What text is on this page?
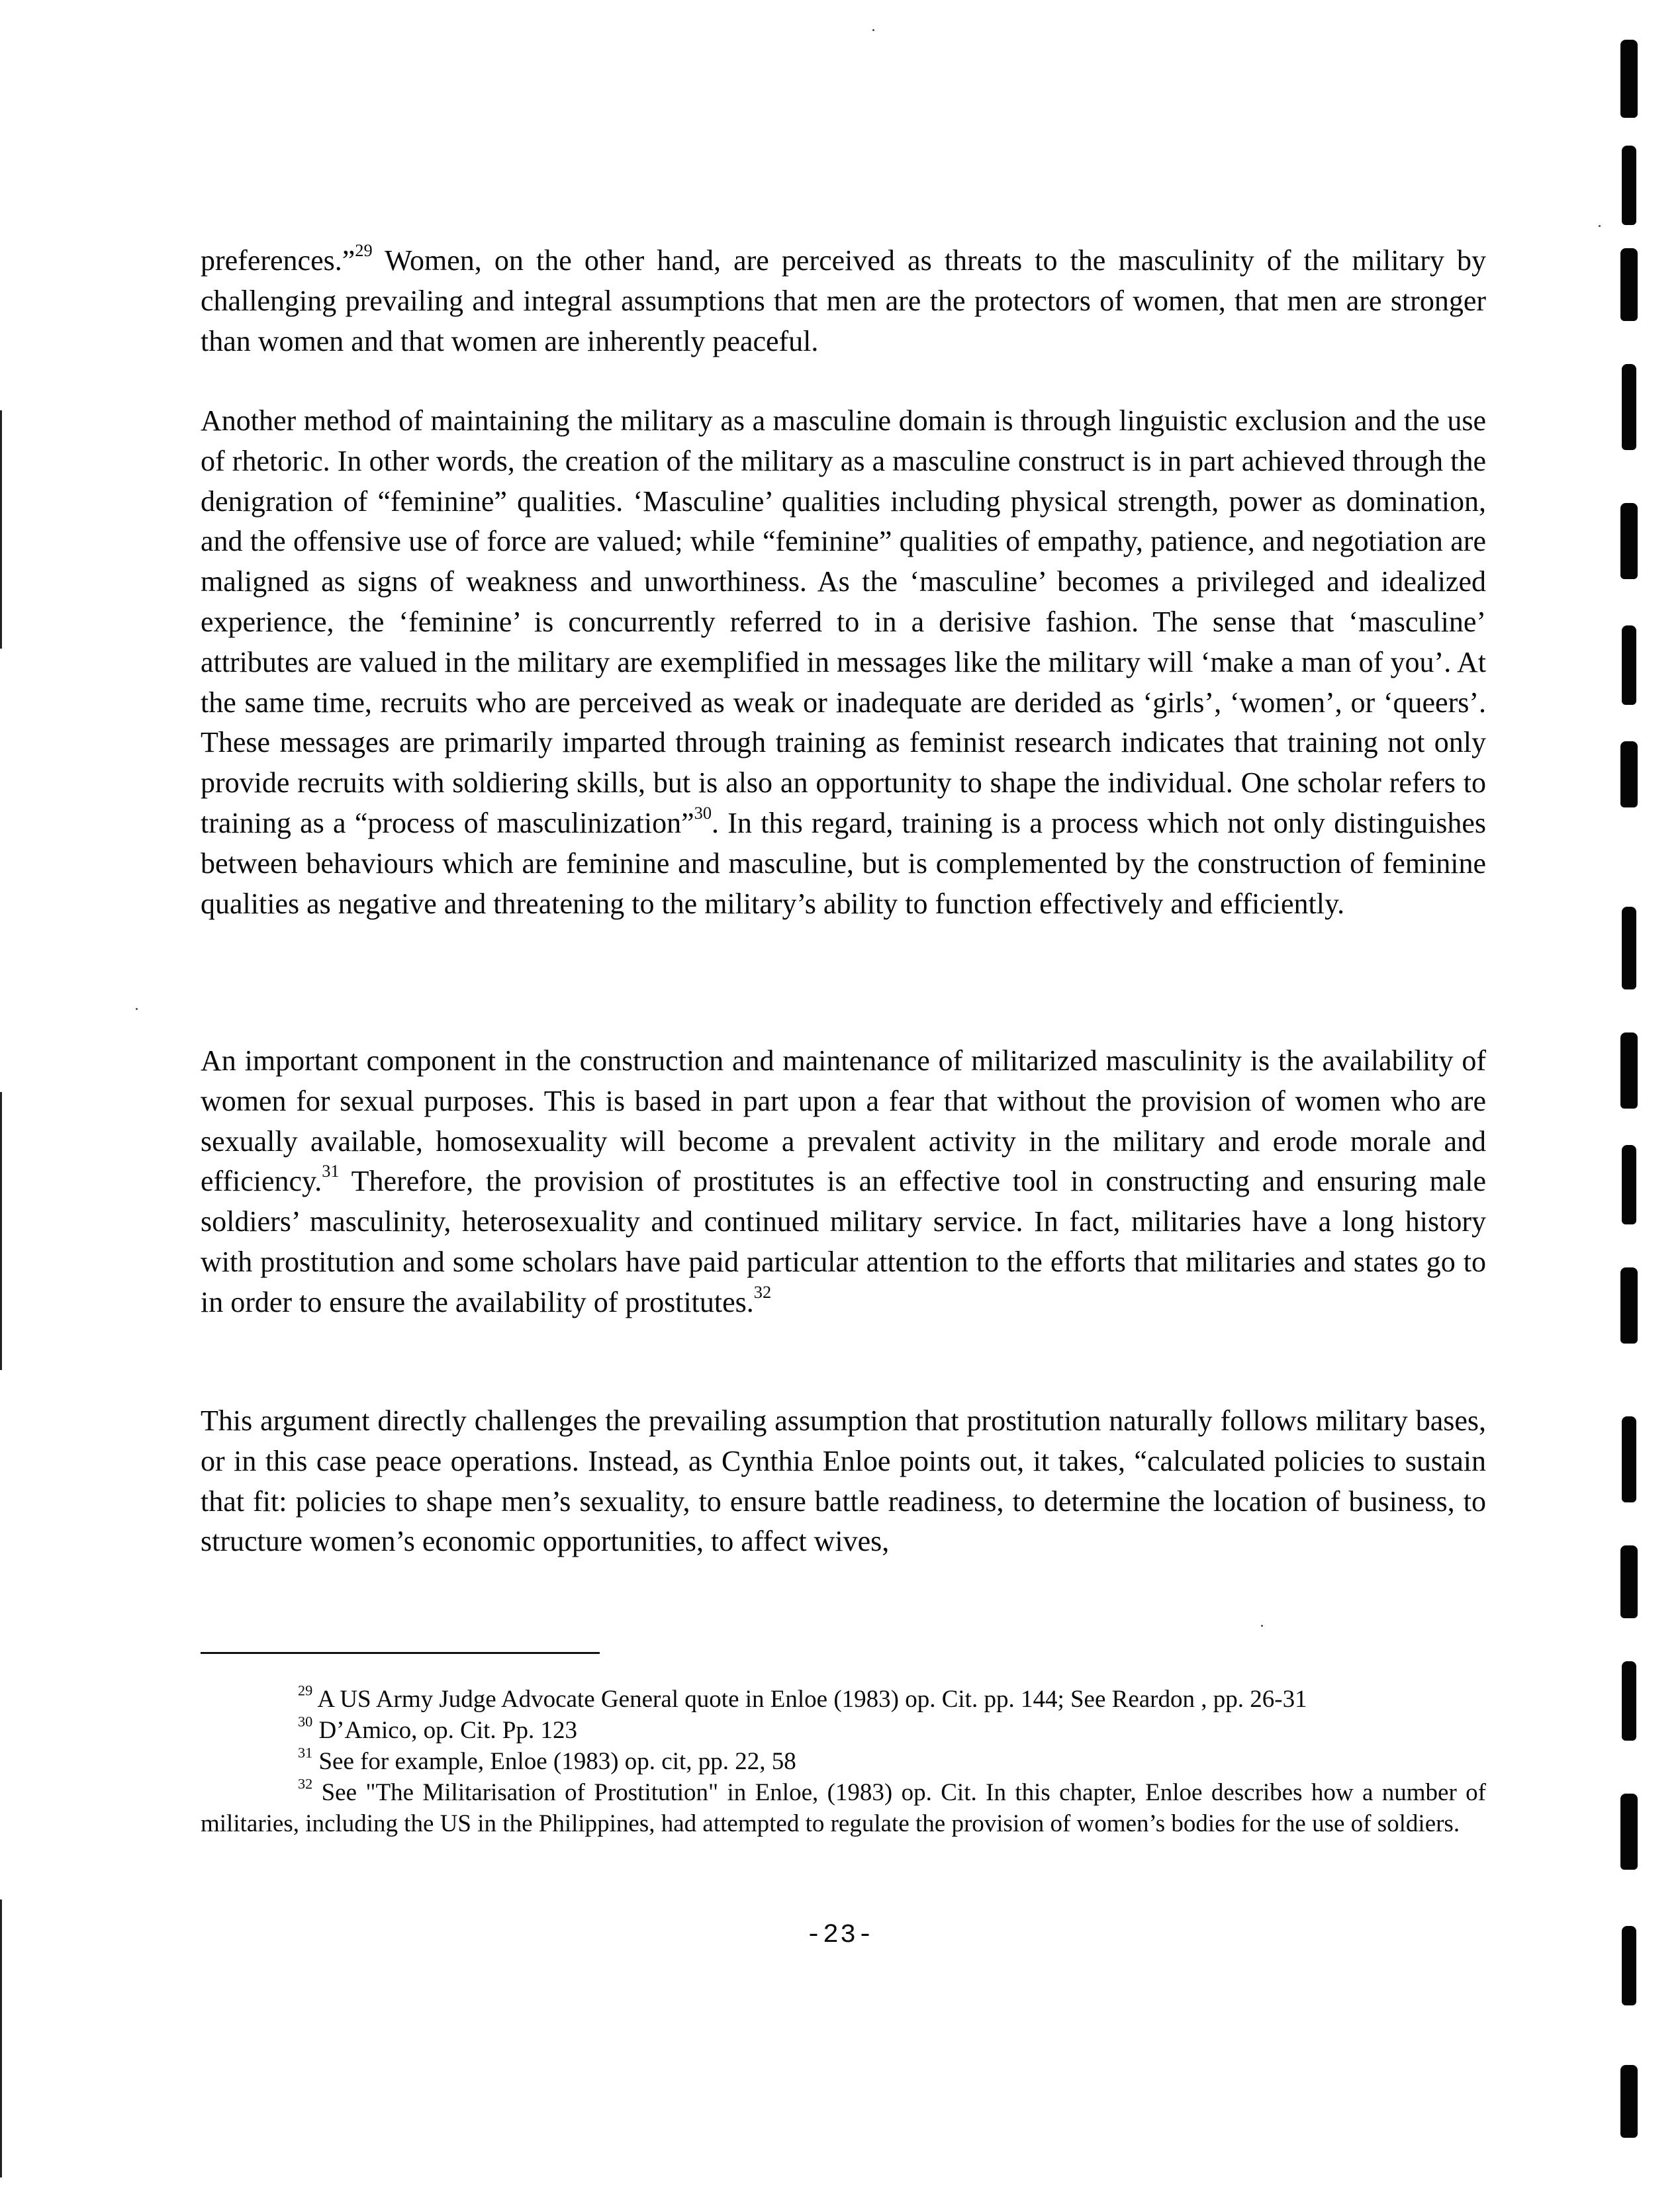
preferences.”$^{29}$ Women, on the other hand, are perceived as threats to the masculinity of the military by challenging prevailing and integral assumptions that men are the protectors of women, that men are stronger than women and that women are inherently peaceful.

Another method of maintaining the military as a masculine domain is through linguistic exclusion and the use of rhetoric. In other words, the creation of the military as a masculine construct is in part achieved through the denigration of “feminine” qualities. ‘Masculine’ qualities including physical strength, power as domination, and the offensive use of force are valued; while “feminine” qualities of empathy, patience, and negotiation are maligned as signs of weakness and unworthiness. As the ‘masculine’ becomes a privileged and idealized experience, the ‘feminine’ is concurrently referred to in a derisive fashion. The sense that ‘masculine’ attributes are valued in the military are exemplified in messages like the military will ‘make a man of you’. At the same time, recruits who are perceived as weak or inadequate are derided as ‘girls’, ‘women’, or ‘queers’. These messages are primarily imparted through training as feminist research indicates that training not only provide recruits with soldiering skills, but is also an opportunity to shape the individual. One scholar refers to training as a “process of masculinization”$^{30}$. In this regard, training is a process which not only distinguishes between behaviours which are feminine and masculine, but is complemented by the construction of feminine qualities as negative and threatening to the military’s ability to function effectively and efficiently.

An important component in the construction and maintenance of militarized masculinity is the availability of women for sexual purposes. This is based in part upon a fear that without the provision of women who are sexually available, homosexuality will become a prevalent activity in the military and erode morale and efficiency.$^{31}$ Therefore, the provision of prostitutes is an effective tool in constructing and ensuring male soldiers’ masculinity, heterosexuality and continued military service. In fact, militaries have a long history with prostitution and some scholars have paid particular attention to the efforts that militaries and states go to in order to ensure the availability of prostitutes.$^{32}$

This argument directly challenges the prevailing assumption that prostitution naturally follows military bases, or in this case peace operations. Instead, as Cynthia Enloe points out, it takes, “calculated policies to sustain that fit: policies to shape men’s sexuality, to ensure battle readiness, to determine the location of business, to structure women’s economic opportunities, to affect wives,

$^{29}$ A US Army Judge Advocate General quote in Enloe (1983) op. Cit. pp. 144; See Reardon , pp. 26-31

$^{30}$ D’Amico, op. Cit. Pp. 123

$^{31}$ See for example, Enloe (1983) op. cit, pp. 22, 58

$^{32}$ See "The Militarisation of Prostitution" in Enloe, (1983) op. Cit. In this chapter, Enloe describes how a number of militaries, including the US in the Philippines, had attempted to regulate the provision of women’s bodies for the use of soldiers.

-23-
